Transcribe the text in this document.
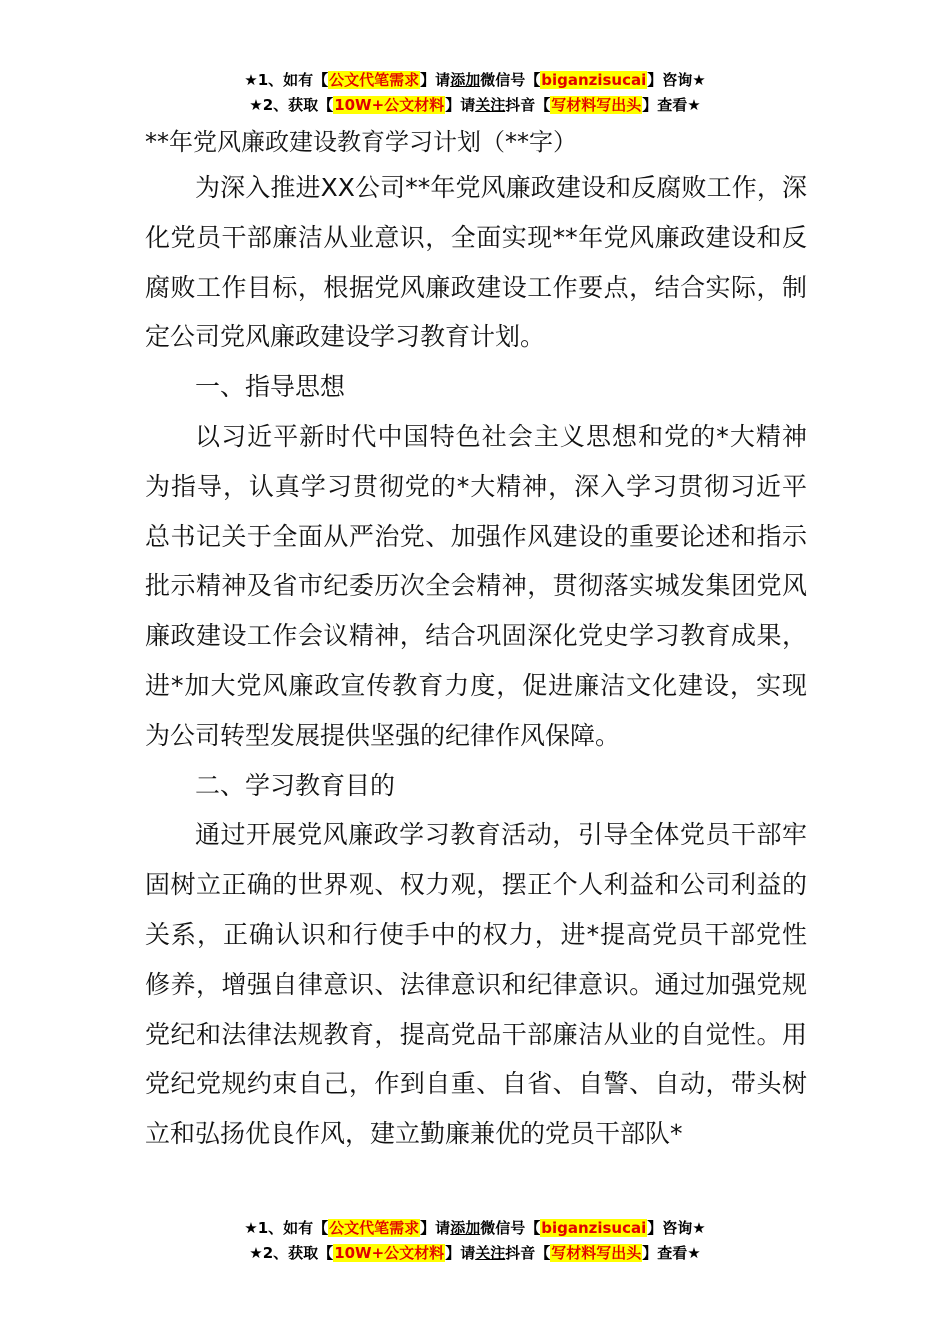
★1、如有【公文代笔需求】请添加微信号【biganzisucai】咨询★
★2、获取【10W+公文材料】请关注抖音【写材料写出头】查看★
**年党风廉政建设教育学习计划（**字）

为深入推进XX公司**年党风廉政建设和反腐败工作，深化党员干部廉洁从业意识，全面实现**年党风廉政建设和反腐败工作目标，根据党风廉政建设工作要点，结合实际，制定公司党风廉政建设学习教育计划。

一、指导思想

以习近平新时代中国特色社会主义思想和党的*大精神为指导，认真学习贯彻党的*大精神，深入学习贯彻习近平总书记关于全面从严治党、加强作风建设的重要论述和指示批示精神及省市纪委历次全会精神，贯彻落实城发集团党风廉政建设工作会议精神，结合巩固深化党史学习教育成果，进*加大党风廉政宣传教育力度，促进廉洁文化建设，实现为公司转型发展提供坚强的纪律作风保障。

二、学习教育目的

通过开展党风廉政学习教育活动，引导全体党员干部牢固树立正确的世界观、权力观，摆正个人利益和公司利益的关系，正确认识和行使手中的权力，进*提高党员干部党性修养，增强自律意识、法律意识和纪律意识。通过加强党规党纪和法律法规教育，提高党品干部廉洁从业的自觉性。用党纪党规约束自己，作到自重、自省、自警、自动，带头树立和弘扬优良作风，建立勤廉兼优的党员干部队*

★1、如有【公文代笔需求】请添加微信号【biganzisucai】咨询★
★2、获取【10W+公文材料】请关注抖音【写材料写出头】查看★
